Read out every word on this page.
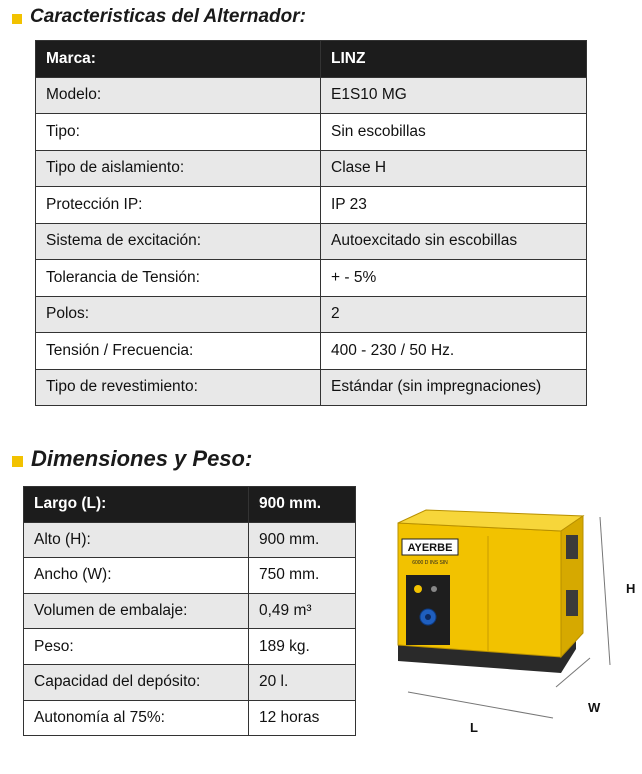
Caracteristicas del Alternador:
Marca:	LINZ
Modelo:	E1S10 MG
Tipo:	Sin escobillas
Tipo de aislamiento:	Clase H
Protección IP:	IP 23
Sistema de excitación:	Autoexcitado sin escobillas
Tolerancia de Tensión:	+ - 5%
Polos:	2
Tensión / Frecuencia:	400 - 230 / 50 Hz.
Tipo de revestimiento:	Estándar (sin impregnaciones)
Dimensiones y Peso:
Largo (L):	900 mm.
Alto (H):	900 mm.
Ancho (W):	750 mm.
Volumen de embalaje:	0,49 m³
Peso:	189 kg.
Capacidad del depósito:	20 l.
Autonomía al 75%:	12 horas
AYERBE
6000 D INS SIN
H
W
L
